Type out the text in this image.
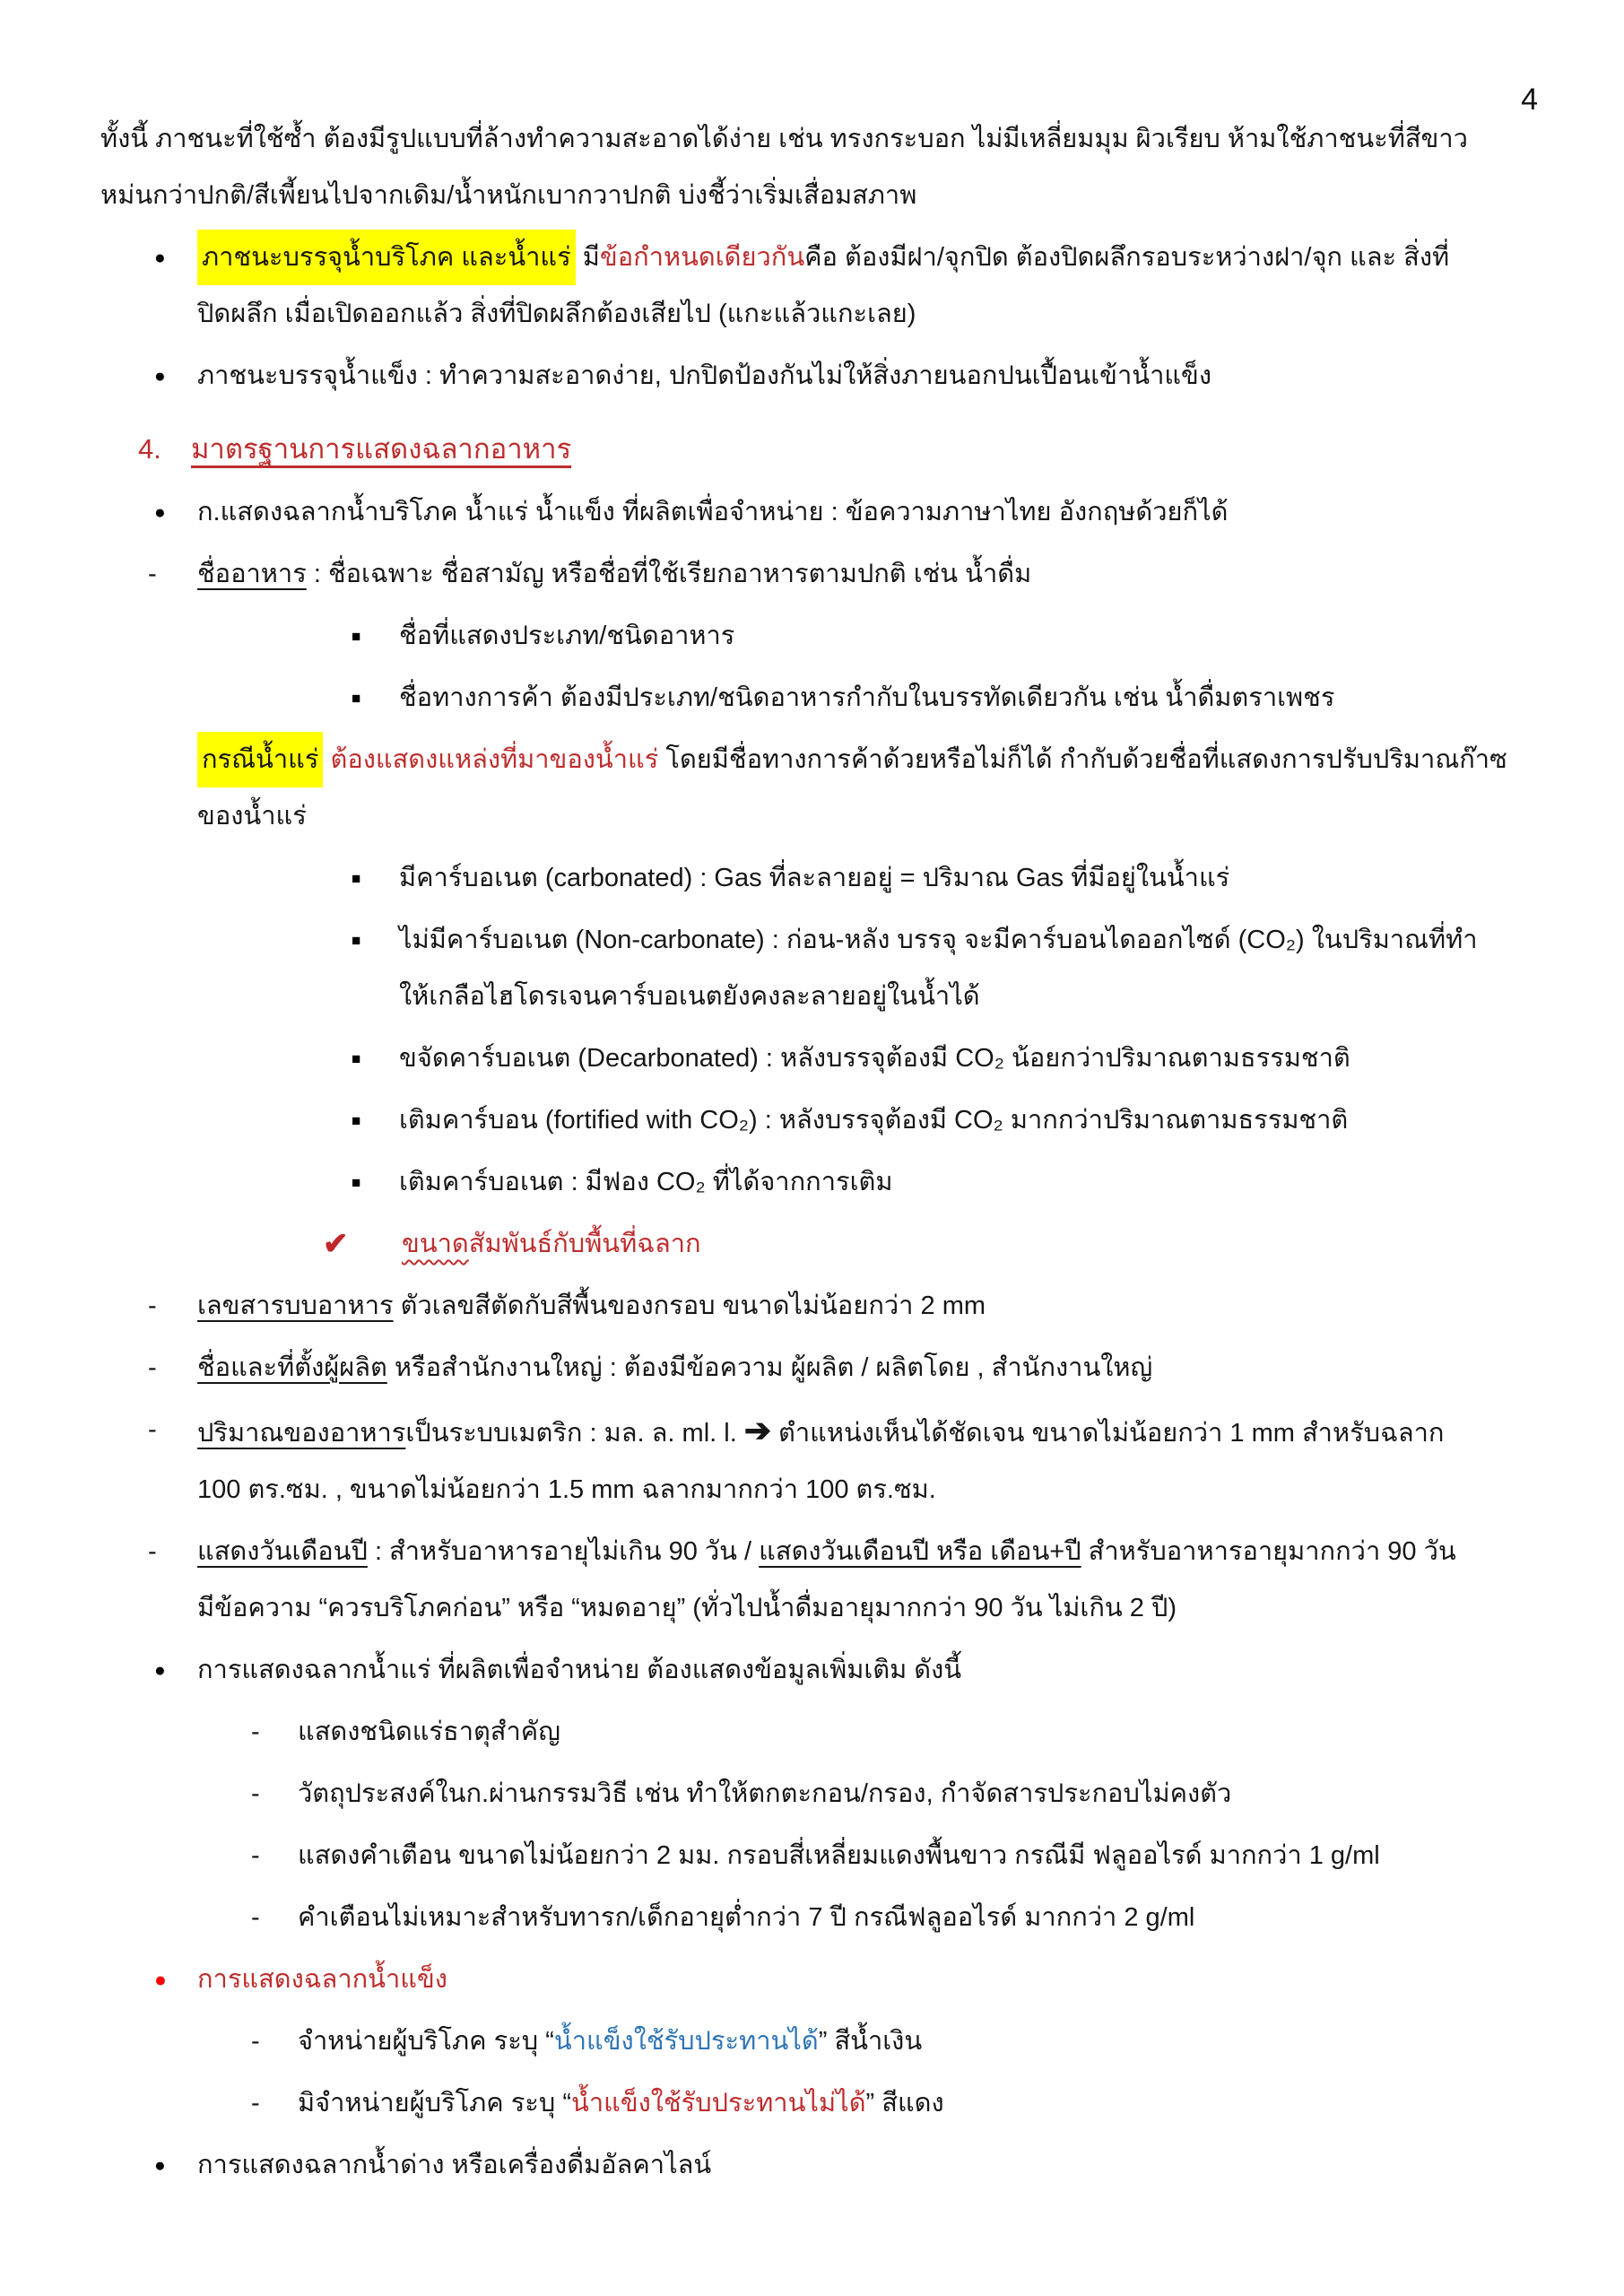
4
ทั้งนี้ ภาชนะที่ใช้ซ้ำ ต้องมีรูปแบบที่ล้างทำความสะอาดได้ง่าย เช่น ทรงกระบอก ไม่มีเหลี่ยมมุม ผิวเรียบ ห้ามใช้ภาชนะที่สีขาว
หม่นกว่าปกติ/สีเพี้ยนไปจากเดิม/น้ำหนักเบากวาปกติ บ่งชี้ว่าเริ่มเสื่อมสภาพ
● ภาชนะบรรจุน้ำบริโภค และน้ำแร่ มีข้อกำหนดเดียวกันคือ ต้องมีฝา/จุกปิด ต้องปิดผลึกรอบระหว่างฝา/จุก และ สิ่งที่
ปิดผลึก เมื่อเปิดออกแล้ว สิ่งที่ปิดผลึกต้องเสียไป (แกะแล้วแกะเลย)
● ภาชนะบรรจุน้ำแข็ง : ทำความสะอาดง่าย, ปกปิดป้องกันไม่ให้สิ่งภายนอกปนเปื้อนเข้าน้ำแข็ง
4. มาตรฐานการแสดงฉลากอาหาร
● ก.แสดงฉลากน้ำบริโภค น้ำแร่ น้ำแข็ง ที่ผลิตเพื่อจำหน่าย : ข้อความภาษาไทย อังกฤษด้วยก็ได้
- ชื่ออาหาร : ชื่อเฉพาะ ชื่อสามัญ หรือชื่อที่ใช้เรียกอาหารตามปกติ เช่น น้ำดื่ม
■ ชื่อที่แสดงประเภท/ชนิดอาหาร
■ ชื่อทางการค้า ต้องมีประเภท/ชนิดอาหารกำกับในบรรทัดเดียวกัน เช่น น้ำดื่มตราเพชร
กรณีน้ำแร่ ต้องแสดงแหล่งที่มาของน้ำแร่ โดยมีชื่อทางการค้าด้วยหรือไม่ก็ได้ กำกับด้วยชื่อที่แสดงการปรับปริมาณก๊าซ
ของน้ำแร่
■ มีคาร์บอเนต (carbonated) : Gas ที่ละลายอยู่ = ปริมาณ Gas ที่มีอยู่ในน้ำแร่
■ ไม่มีคาร์บอเนต (Non-carbonate) : ก่อน-หลัง บรรจุ จะมีคาร์บอนไดออกไซด์ (CO₂) ในปริมาณที่ทำ
ให้เกลือไฮโดรเจนคาร์บอเนตยังคงละลายอยู่ในน้ำได้
■ ขจัดคาร์บอเนต (Decarbonated) : หลังบรรจุต้องมี CO₂ น้อยกว่าปริมาณตามธรรมชาติ
■ เติมคาร์บอน (fortified with CO₂) : หลังบรรจุต้องมี CO₂ มากกว่าปริมาณตามธรรมชาติ
■ เติมคาร์บอเนต : มีฟอง CO₂ ที่ได้จากการเติม
✔ ขนาดสัมพันธ์กับพื้นที่ฉลาก
- เลขสารบบอาหาร ตัวเลขสีตัดกับสีพื้นของกรอบ ขนาดไม่น้อยกว่า 2 mm
- ชื่อและที่ตั้งผู้ผลิต หรือสำนักงานใหญ่ : ต้องมีข้อความ ผู้ผลิต / ผลิตโดย , สำนักงานใหญ่
- ปริมาณของอาหารเป็นระบบเมตริก : มล. ล. ml. l. ➔ ตำแหน่งเห็นได้ชัดเจน ขนาดไม่น้อยกว่า 1 mm สำหรับฉลาก
100 ตร.ซม. , ขนาดไม่น้อยกว่า 1.5 mm ฉลากมากกว่า 100 ตร.ซม.
- แสดงวันเดือนปี : สำหรับอาหารอายุไม่เกิน 90 วัน / แสดงวันเดือนปี หรือ เดือน+ปี สำหรับอาหารอายุมากกว่า 90 วัน
มีข้อความ “ควรบริโภคก่อน” หรือ “หมดอายุ” (ทั่วไปน้ำดื่มอายุมากกว่า 90 วัน ไม่เกิน 2 ปี)
● การแสดงฉลากน้ำแร่ ที่ผลิตเพื่อจำหน่าย ต้องแสดงข้อมูลเพิ่มเติม ดังนี้
- แสดงชนิดแร่ธาตุสำคัญ
- วัตถุประสงค์ในก.ผ่านกรรมวิธี เช่น ทำให้ตกตะกอน/กรอง, กำจัดสารประกอบไม่คงตัว
- แสดงคำเตือน ขนาดไม่น้อยกว่า 2 มม. กรอบสี่เหลี่ยมแดงพื้นขาว กรณีมี ฟลูออไรด์ มากกว่า 1 g/ml
- คำเตือนไม่เหมาะสำหรับทารก/เด็กอายุต่ำกว่า 7 ปี กรณีฟลูออไรด์ มากกว่า 2 g/ml
● การแสดงฉลากน้ำแข็ง
- จำหน่ายผู้บริโภค ระบุ “น้ำแข็งใช้รับประทานได้” สีน้ำเงิน
- มิจำหน่ายผู้บริโภค ระบุ “น้ำแข็งใช้รับประทานไม่ได้” สีแดง
● การแสดงฉลากน้ำด่าง หรือเครื่องดื่มอัลคาไลน์
